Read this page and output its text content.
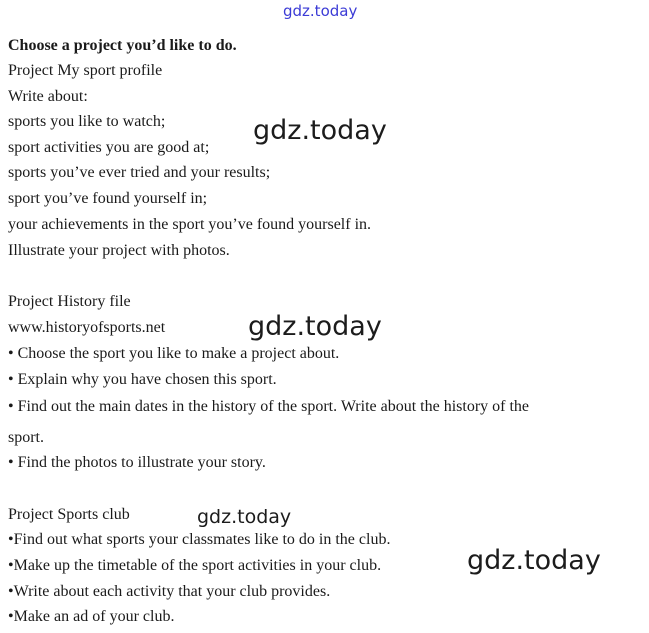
gdz.today
Choose a project you’d like to do.
Project My sport profile
Write about:
sports you like to watch;
sport activities you are good at;
sports you’ve ever tried and your results;
sport you’ve found yourself in;
your achievements in the sport you’ve found yourself in.
Illustrate your project with photos.
gdz.today
Project History file
www.historyofsports.net
• Choose the sport you like to make a project about.
• Explain why you have chosen this sport.
• Find out the main dates in the history of the sport. Write about the history of the
sport.
• Find the photos to illustrate your story.
gdz.today
Project Sports club
•Find out what sports your classmates like to do in the club.
•Make up the timetable of the sport activities in your club.
•Write about each activity that your club provides.
•Make an ad of your club.
gdz.today
gdz.today
